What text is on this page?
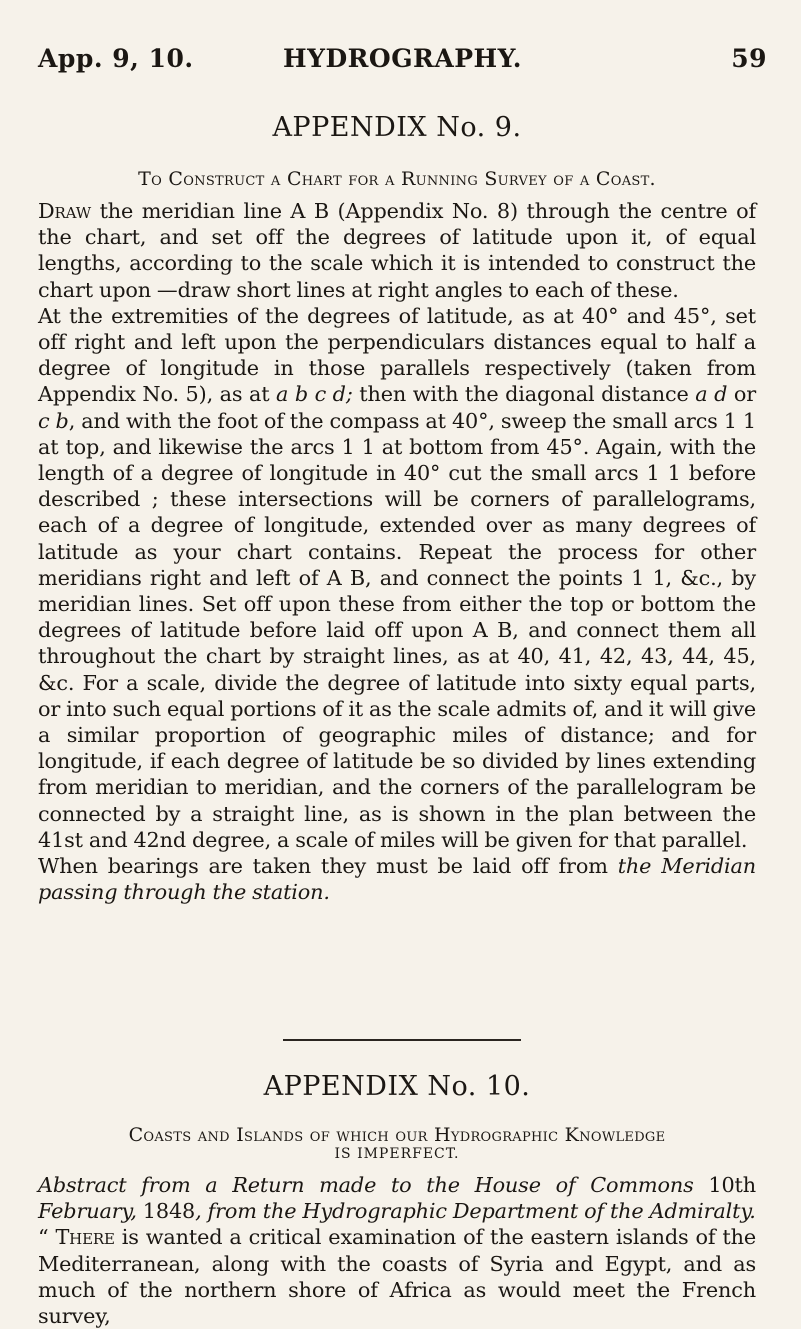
App. 9, 10.	HYDROGRAPHY.	59
APPENDIX No. 9.

To Construct a Chart for a Running Survey of a Coast.

Draw the meridian line A B (Appendix No. 8) through the centre of the chart, and set off the degrees of latitude upon it, of equal lengths, according to the scale which it is intended to construct the chart upon —draw short lines at right angles to each of these.

At the extremities of the degrees of latitude, as at 40° and 45°, set off right and left upon the perpendiculars distances equal to half a degree of longitude in those parallels respectively (taken from Appendix No. 5), as at a b c d; then with the diagonal distance a d or c b, and with the foot of the compass at 40°, sweep the small arcs 1 1 at top, and likewise the arcs 1 1 at bottom from 45°. Again, with the length of a degree of longitude in 40° cut the small arcs 1 1 before described ; these intersections will be corners of parallelograms, each of a degree of longitude, extended over as many degrees of latitude as your chart contains. Repeat the process for other meridians right and left of A B, and connect the points 1 1, &c., by meridian lines. Set off upon these from either the top or bottom the degrees of latitude before laid off upon A B, and connect them all throughout the chart by straight lines, as at 40, 41, 42, 43, 44, 45, &c. For a scale, divide the degree of latitude into sixty equal parts, or into such equal portions of it as the scale admits of, and it will give a similar proportion of geographic miles of distance; and for longitude, if each degree of latitude be so divided by lines extending from meridian to meridian, and the corners of the parallelogram be connected by a straight line, as is shown in the plan between the 41st and 42nd degree, a scale of miles will be given for that parallel.

When bearings are taken they must be laid off from the Meridian passing through the station.

APPENDIX No. 10.

Coasts and Islands of which our Hydrographic Knowledge

IS IMPERFECT.

Abstract from a Return made to the House of Commons 10th February, 1848, from the Hydrographic Department of the Admiralty.

“ There is wanted a critical examination of the eastern islands of the Mediterranean, along with the coasts of Syria and Egypt, and as much of the northern shore of Africa as would meet the French survey,
